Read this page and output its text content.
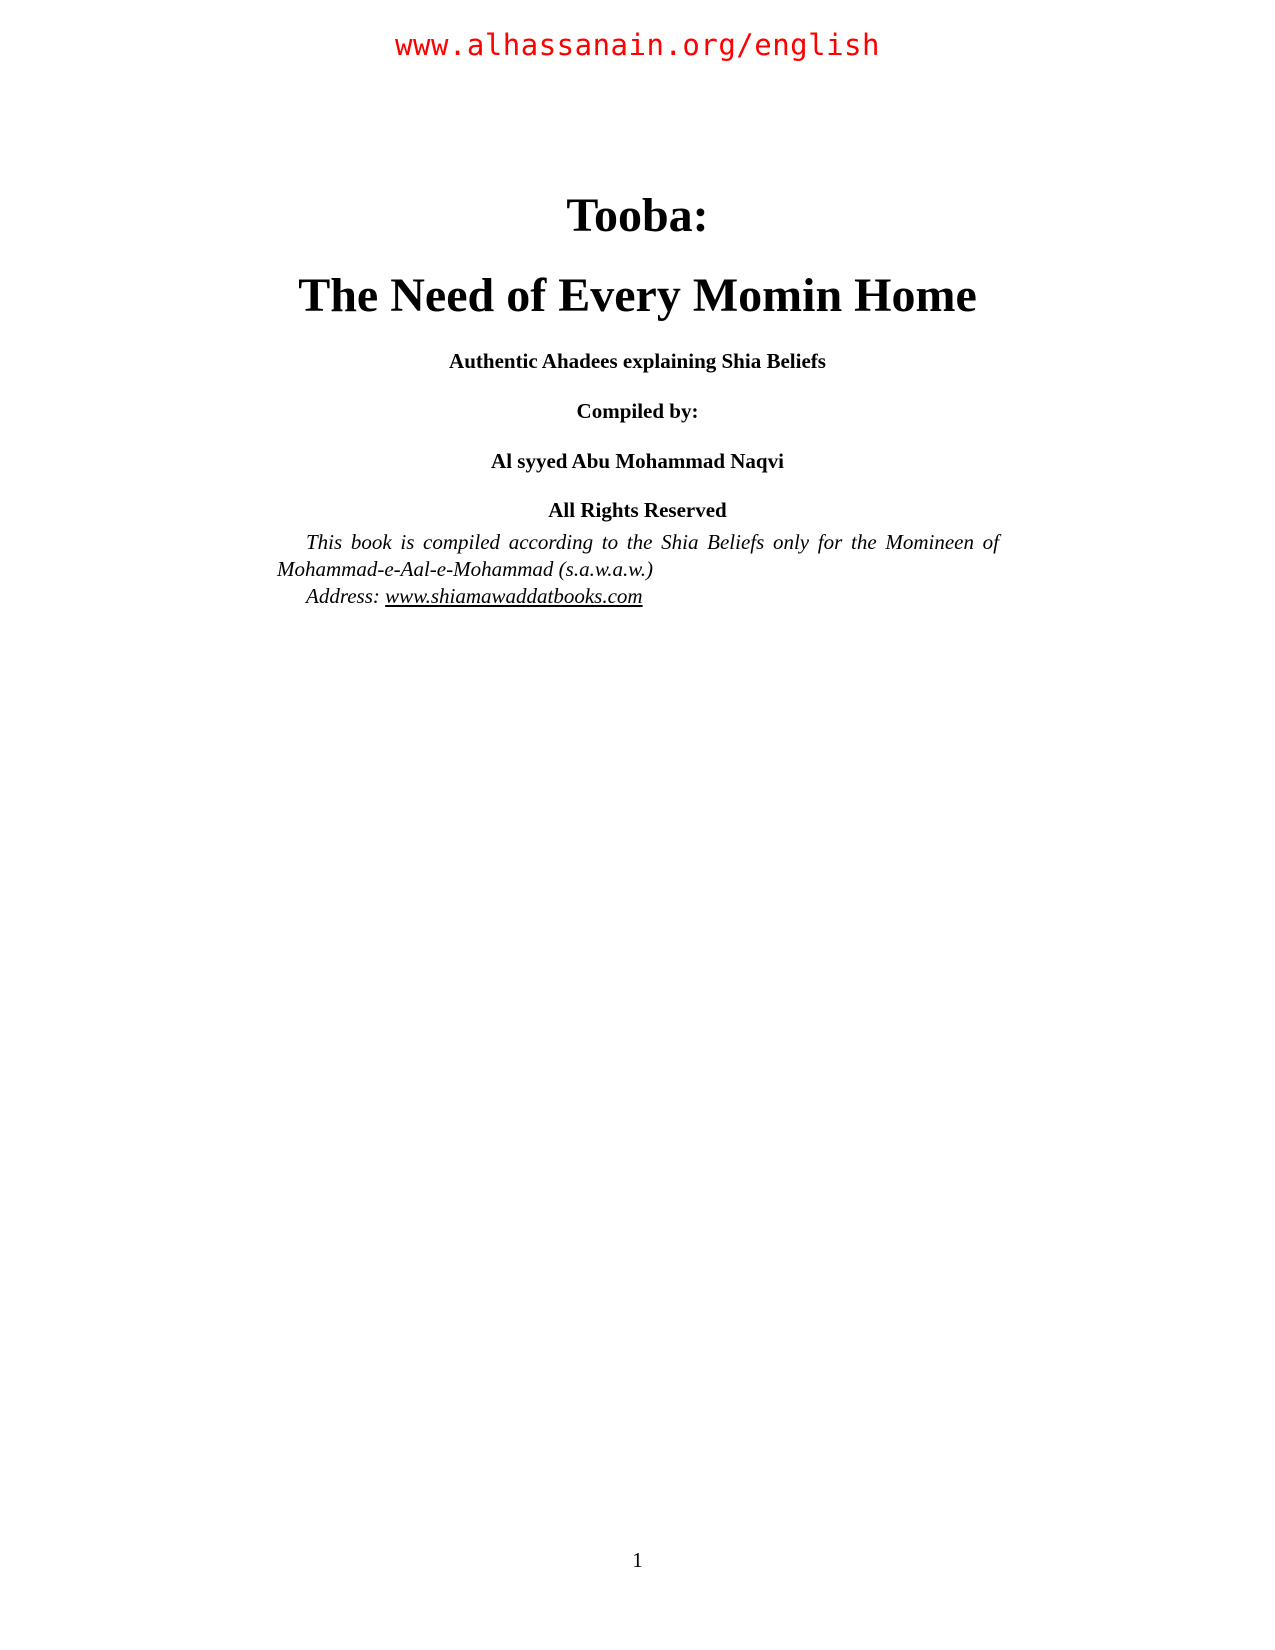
www.alhassanain.org/english
Tooba:
The Need of Every Momin Home
Authentic Ahadees explaining Shia Beliefs
Compiled by:
Al syyed Abu Mohammad Naqvi
All Rights Reserved

This book is compiled according to the Shia Beliefs only for the Momineen of Mohammad-e-Aal-e-Mohammad (s.a.w.a.w.)

Address: www.shiamawaddatbooks.com

1
